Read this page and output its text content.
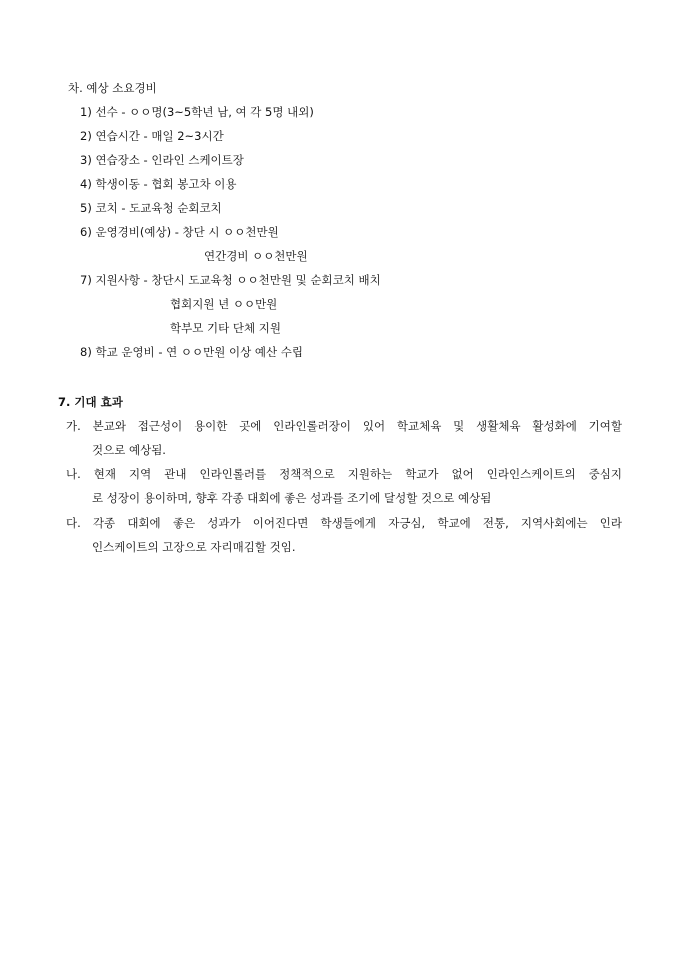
차. 예상 소요경비
1) 선수 - ㅇㅇ명(3~5학년 남, 여 각 5명 내외)
2) 연습시간 - 매일 2~3시간
3) 연습장소 - 인라인 스케이트장
4) 학생이동 - 협회 봉고차 이용
5) 코치 - 도교육청 순회코치
6) 운영경비(예상) - 창단 시 ㅇㅇ천만원
연간경비 ㅇㅇ천만원
7) 지원사항 - 창단시 도교육청 ㅇㅇ천만원 및 순회코치 배치
협회지원 년 ㅇㅇ만원
학부모 기타 단체 지원
8) 학교 운영비 - 연 ㅇㅇ만원 이상 예산 수립
7. 기대 효과
가. 본교와 접근성이 용이한 곳에 인라인롤러장이 있어 학교체육 및 생활체육 활성화에 기여할
것으로 예상됨.
나. 현재 지역 관내 인라인롤러를 정책적으로 지원하는 학교가 없어 인라인스케이트의 중심지
로 성장이 용이하며, 향후 각종 대회에 좋은 성과를 조기에 달성할 것으로 예상됨
다. 각종 대회에 좋은 성과가 이어진다면 학생들에게 자긍심, 학교에 전통, 지역사회에는 인라
인스케이트의 고장으로 자리매김할 것임.
